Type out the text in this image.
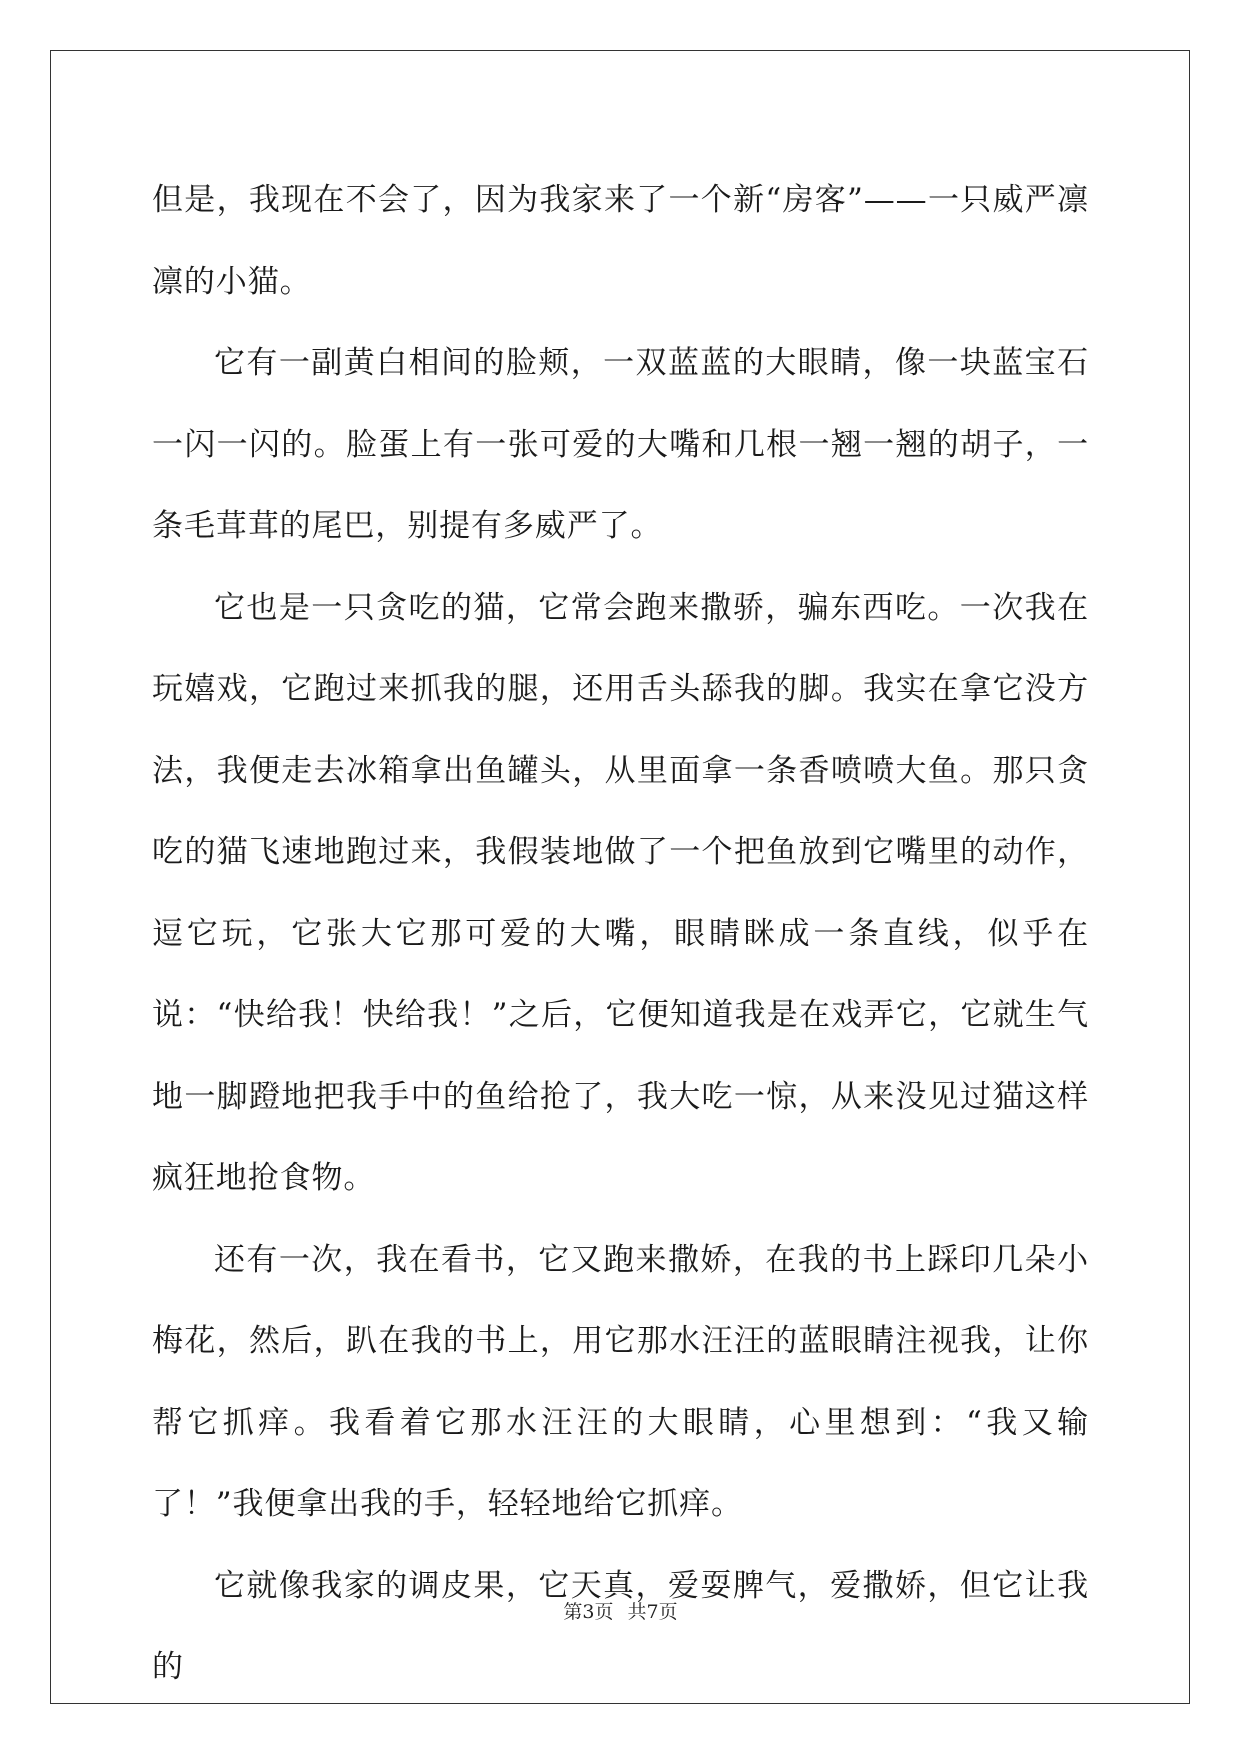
但是，我现在不会了，因为我家来了一个新“房客”——一只威严凛凛的小猫。

它有一副黄白相间的脸颊，一双蓝蓝的大眼睛，像一块蓝宝石一闪一闪的。脸蛋上有一张可爱的大嘴和几根一翘一翘的胡子，一条毛茸茸的尾巴，别提有多威严了。

它也是一只贪吃的猫，它常会跑来撒骄，骗东西吃。一次我在玩嬉戏，它跑过来抓我的腿，还用舌头舔我的脚。我实在拿它没方法，我便走去冰箱拿出鱼罐头，从里面拿一条香喷喷大鱼。那只贪吃的猫飞速地跑过来，我假装地做了一个把鱼放到它嘴里的动作，逗它玩，它张大它那可爱的大嘴，眼睛眯成一条直线，似乎在说：“快给我！快给我！”之后，它便知道我是在戏弄它，它就生气地一脚蹬地把我手中的鱼给抢了，我大吃一惊，从来没见过猫这样疯狂地抢食物。

还有一次，我在看书，它又跑来撒娇，在我的书上踩印几朵小梅花，然后，趴在我的书上，用它那水汪汪的蓝眼睛注视我，让你帮它抓痒。我看着它那水汪汪的大眼睛，心里想到：“我又输了！”我便拿出我的手，轻轻地给它抓痒。

它就像我家的调皮果，它天真，爱耍脾气，爱撒娇，但它让我的

第3页 共7页
